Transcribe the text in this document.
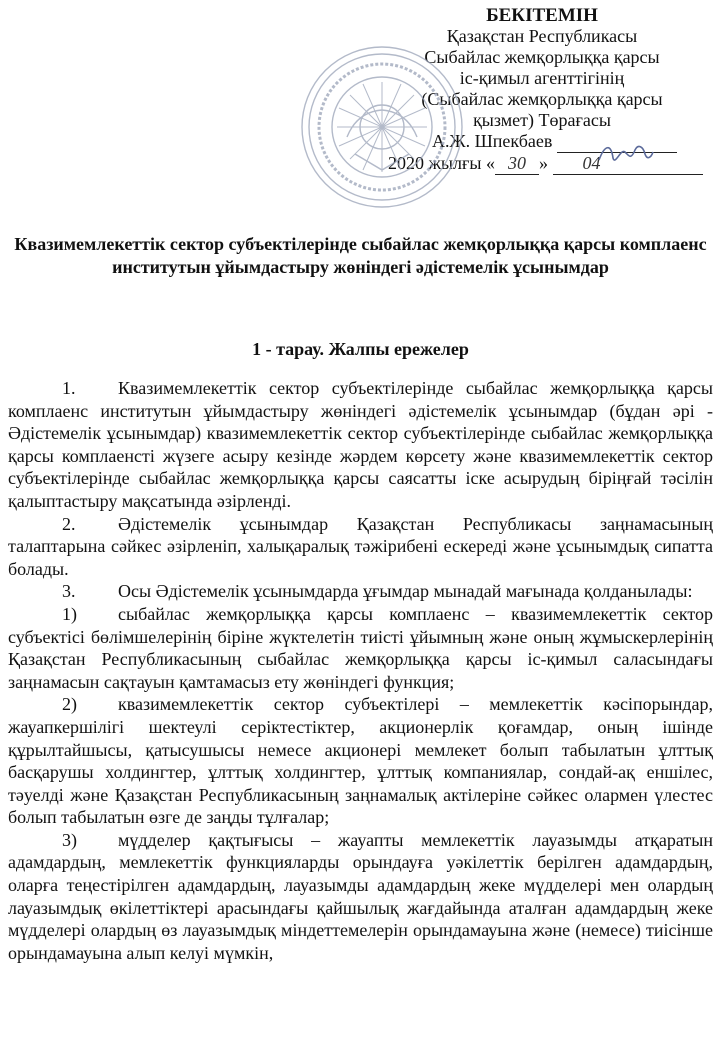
БЕКІТЕМІН
Қазақстан Республикасы
Сыбайлас жемқорлыққа қарсы
іс-қимыл агенттігінің
(Сыбайлас жемқорлыққа қарсы
қызмет) Төрағасы
А.Ж. Шпекбаев
2020 жылғы « 30 » 04
Квазимемлекеттік сектор субъектілерінде сыбайлас жемқорлыққа қарсы комплаенс институтын ұйымдастыру жөніндегі әдістемелік ұсынымдар
1 - тарау. Жалпы ережелер

1. Квазимемлекеттік сектор субъектілерінде сыбайлас жемқорлыққа қарсы комплаенс институтын ұйымдастыру жөніндегі әдістемелік ұсынымдар (бұдан әрі - Әдістемелік ұсынымдар) квазимемлекеттік сектор субъектілерінде сыбайлас жемқорлыққа қарсы комплаенсті жүзеге асыру кезінде жәрдем көрсету және квазимемлекеттік сектор субъектілерінде сыбайлас жемқорлыққа қарсы саясатты іске асырудың біріңғай тәсілін қалыптастыру мақсатында әзірленді.

2. Әдістемелік ұсынымдар Қазақстан Республикасы заңнамасының талаптарына сәйкес әзірленіп, халықаралық тәжірибені ескереді және ұсынымдық сипатта болады.

3. Осы Әдістемелік ұсынымдарда ұғымдар мынадай мағынада қолданылады:

1) сыбайлас жемқорлыққа қарсы комплаенс – квазимемлекеттік сектор субъектісі бөлімшелерінің біріне жүктелетін тиісті ұйымның және оның жұмыскерлерінің Қазақстан Республикасының сыбайлас жемқорлыққа қарсы іс-қимыл саласындағы заңнамасын сақтауын қамтамасыз ету жөніндегі функция;

2) квазимемлекеттік сектор субъектілері – мемлекеттік кәсіпорындар, жауапкершілігі шектеулі серіктестіктер, акционерлік қоғамдар, оның ішінде құрылтайшысы, қатысушысы немесе акционері мемлекет болып табылатын ұлттық басқарушы холдингтер, ұлттық холдингтер, ұлттық компаниялар, сондай-ақ еншілес, тәуелді және Қазақстан Республикасының заңнамалық актілеріне сәйкес олармен үлестес болып табылатын өзге де заңды тұлғалар;

3) мүдделер қақтығысы – жауапты мемлекеттік лауазымды атқаратын адамдардың, мемлекеттік функцияларды орындауға уәкілеттік берілген адамдардың, оларға теңестірілген адамдардың, лауазымды адамдардың жеке мүдделері мен олардың лауазымдық өкілеттіктері арасындағы қайшылық жағдайында аталған адамдардың жеке мүдделері олардың өз лауазымдық міндеттемелерін орындамауына және (немесе) тиісінше орындамауына алып келуі мүмкін,
